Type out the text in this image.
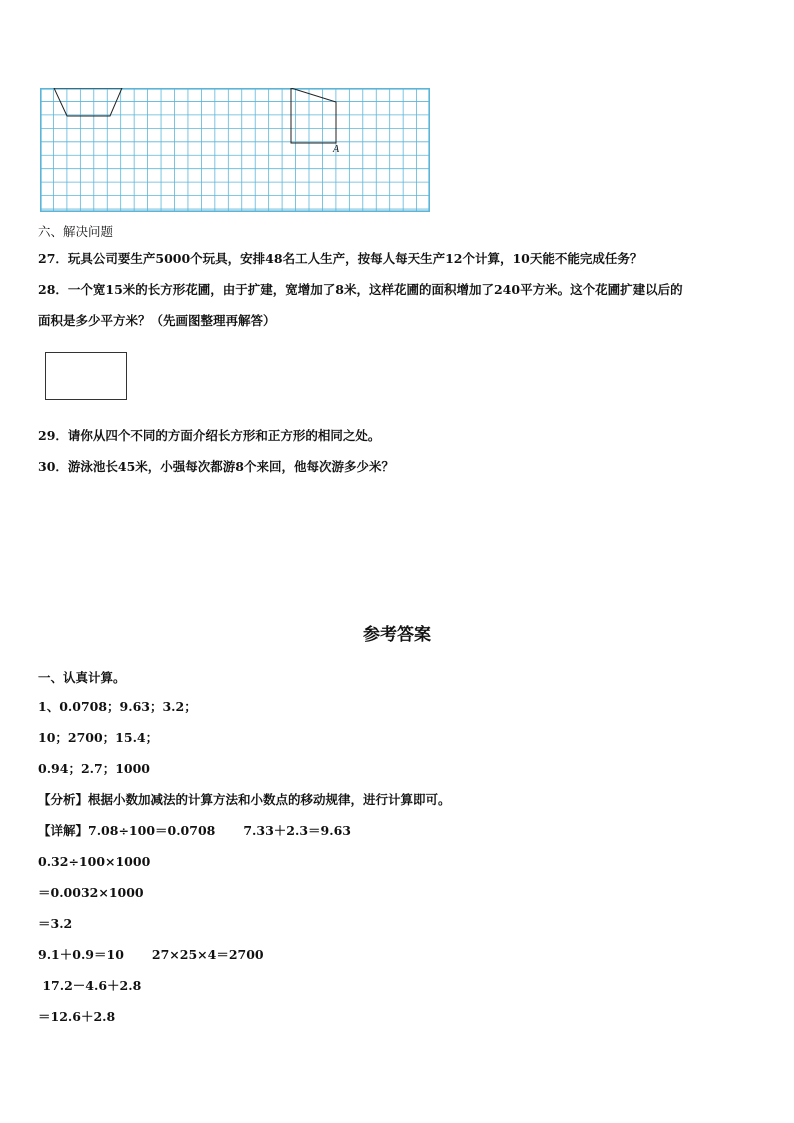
A
六、解决问题
27．玩具公司要生产5000个玩具，安排48名工人生产，按每人每天生产12个计算，10天能不能完成任务？
28．一个宽15米的长方形花圃，由于扩建，宽增加了8米，这样花圃的面积增加了240平方米。这个花圃扩建以后的
面积是多少平方米？（先画图整理再解答）
29．请你从四个不同的方面介绍长方形和正方形的相同之处。
30．游泳池长45米，小强每次都游8个来回，他每次游多少米？
参考答案
一、认真计算。
1、0.0708；9.63；3.2；
10；2700；15.4；
0.94；2.7；1000
【分析】根据小数加减法的计算方法和小数点的移动规律，进行计算即可。
【详解】7.08÷100＝0.0708 7.33＋2.3＝9.63
0.32÷100×1000
＝0.0032×1000
＝3.2
9.1＋0.9＝10 27×25×4＝2700
17.2－4.6＋2.8
＝12.6＋2.8
